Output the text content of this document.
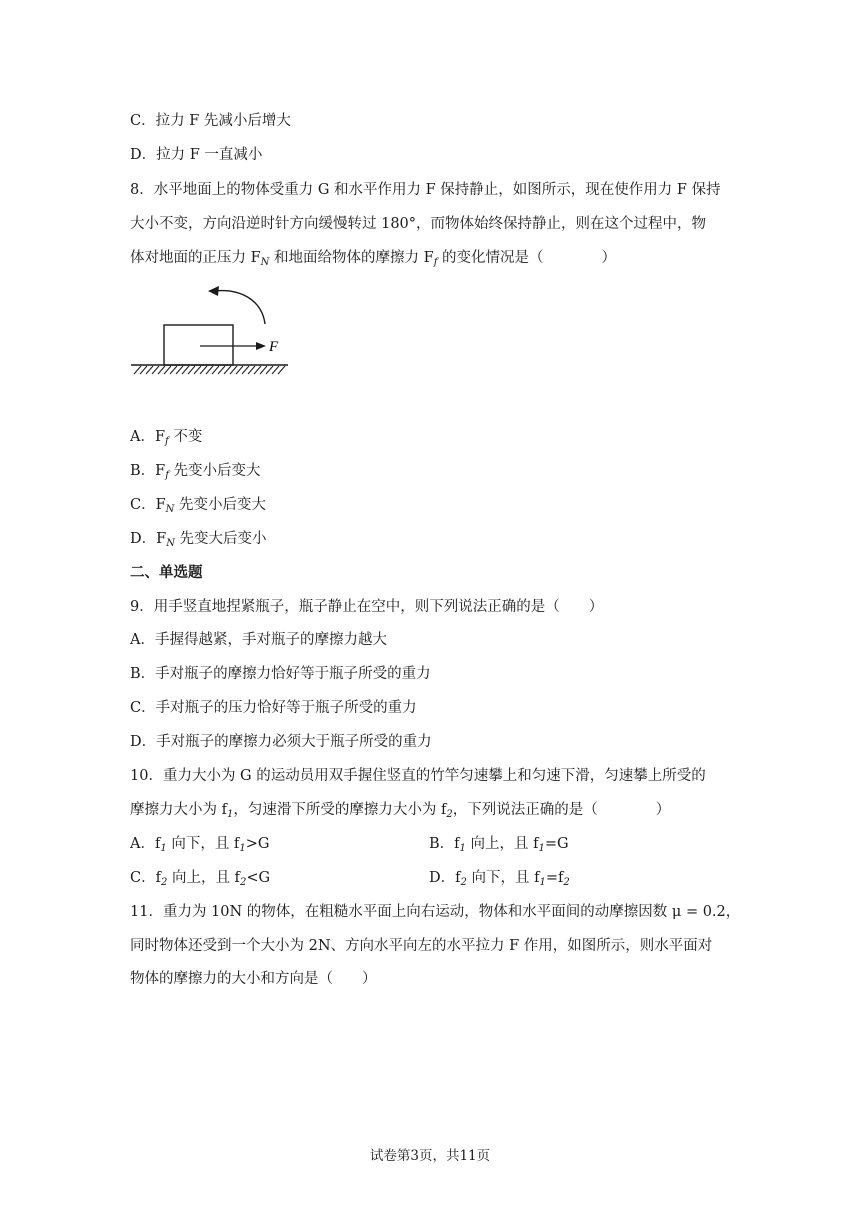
C．拉力 F 先减小后增大
D．拉力 F 一直减小
8．水平地面上的物体受重力 G 和水平作用力 F 保持静止，如图所示，现在使作用力 F 保持
大小不变，方向沿逆时针方向缓慢转过 180°，而物体始终保持静止，则在这个过程中，物
体对地面的正压力 $F_N$ 和地面给物体的摩擦力 $F_f$ 的变化情况是（　　　　）
F
A．$F_f$ 不变
B．$F_f$ 先变小后变大
C．$F_N$ 先变小后变大
D．$F_N$ 先变大后变小
二、单选题
9．用手竖直地捏紧瓶子，瓶子静止在空中，则下列说法正确的是（　　）
A．手握得越紧，手对瓶子的摩擦力越大
B．手对瓶子的摩擦力恰好等于瓶子所受的重力
C．手对瓶子的压力恰好等于瓶子所受的重力
D．手对瓶子的摩擦力必须大于瓶子所受的重力
10．重力大小为 G 的运动员用双手握住竖直的竹竿匀速攀上和匀速下滑，匀速攀上所受的
摩擦力大小为 $f_1$，匀速滑下所受的摩擦力大小为 $f_2$，下列说法正确的是（　　　　）
A．$f_1$ 向下，且 $f_1>G$	B．$f_1$ 向上，且 $f_1=G$
C．$f_2$ 向上，且 $f_2<G$	D．$f_2$ 向下，且 $f_1=f_2$
11．重力为 10N 的物体，在粗糙水平面上向右运动，物体和水平面间的动摩擦因数 μ = 0.2，
同时物体还受到一个大小为 2N、方向水平向左的水平拉力 F 作用，如图所示，则水平面对
物体的摩擦力的大小和方向是（　　）
试卷第3页，共11页
